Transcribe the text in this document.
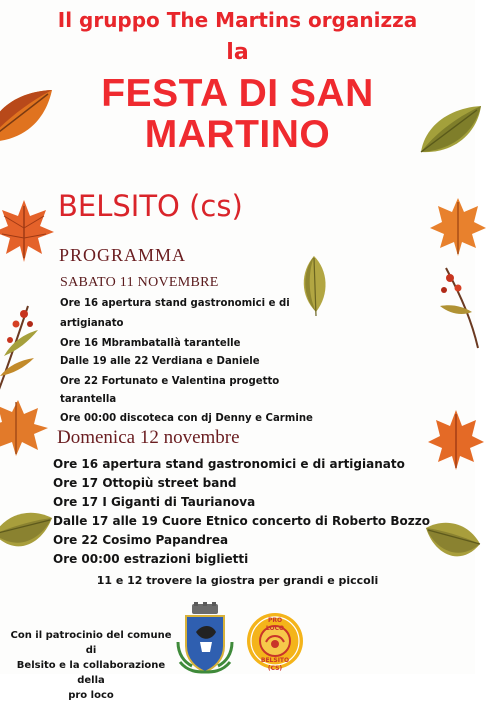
Il gruppo The Martins organizza
la
FESTA DI SAN
MARTINO
BELSITO (cs)
PROGRAMMA
SABATO 11 NOVEMBRE
Ore 16 apertura stand gastronomici e di
artigianato
Ore 16 Mbrambatallà tarantelle
Dalle 19 alle 22 Verdiana e Daniele
Ore 22 Fortunato e Valentina progetto
tarantella
Ore 00:00 discoteca con dj Denny e Carmine
Domenica 12 novembre
Ore 16 apertura stand gastronomici e di artigianato
Ore 17 Ottopiù street band
Ore 17 I Giganti di Taurianova
Dalle 17 alle 19 Cuore Etnico concerto di Roberto Bozzo
Ore 22 Cosimo Papandrea
Ore 00:00 estrazioni biglietti
11 e 12 trovere la giostra per grandi e piccoli
Con il patrocinio del comune di
Belsito e la collaborazione della
pro loco
PRO LOCO
BELSITO (CS)
